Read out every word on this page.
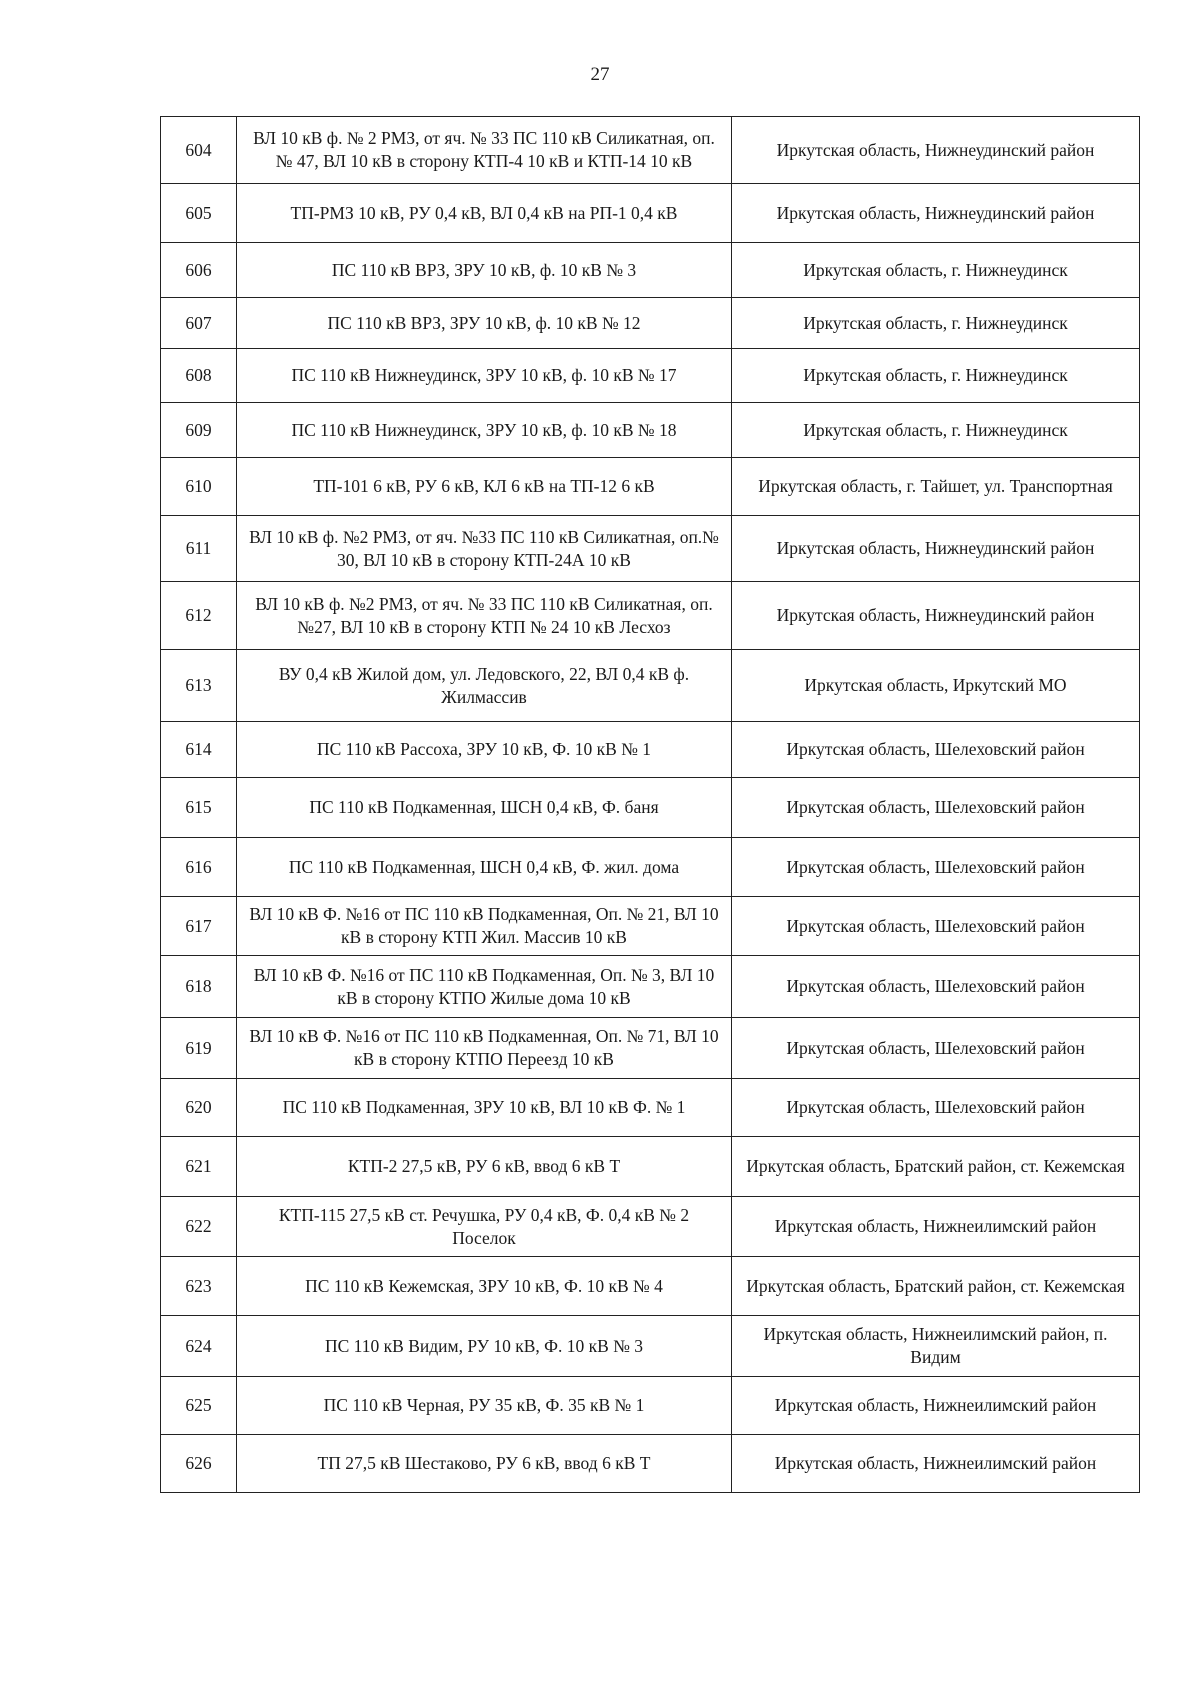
27
604	ВЛ 10 кВ ф. № 2 РМЗ, от яч. № 33 ПС 110 кВ Силикатная, оп. № 47, ВЛ 10 кВ в сторону КТП-4 10 кВ и КТП-14 10 кВ	Иркутская область, Нижнеудинский район
605	ТП-РМЗ 10 кВ, РУ 0,4 кВ, ВЛ 0,4 кВ на РП-1 0,4 кВ	Иркутская область, Нижнеудинский район
606	ПС 110 кВ ВРЗ, ЗРУ 10 кВ, ф. 10 кВ № 3	Иркутская область, г. Нижнеудинск
607	ПС 110 кВ ВРЗ, ЗРУ 10 кВ, ф. 10 кВ № 12	Иркутская область, г. Нижнеудинск
608	ПС 110 кВ Нижнеудинск, ЗРУ 10 кВ, ф. 10 кВ № 17	Иркутская область, г. Нижнеудинск
609	ПС 110 кВ Нижнеудинск, ЗРУ 10 кВ, ф. 10 кВ № 18	Иркутская область, г. Нижнеудинск
610	ТП-101 6 кВ, РУ 6 кВ, КЛ 6 кВ на ТП-12 6 кВ	Иркутская область, г. Тайшет, ул. Транспортная
611	ВЛ 10 кВ ф. №2 РМЗ, от яч. №33 ПС 110 кВ Силикатная, оп.№ 30, ВЛ 10 кВ в сторону КТП-24А 10 кВ	Иркутская область, Нижнеудинский район
612	ВЛ 10 кВ ф. №2 РМЗ, от яч. № 33 ПС 110 кВ Силикатная, оп. №27, ВЛ 10 кВ в сторону КТП № 24 10 кВ Лесхоз	Иркутская область, Нижнеудинский район
613	ВУ 0,4 кВ Жилой дом, ул. Ледовского, 22, ВЛ 0,4 кВ ф. Жилмассив	Иркутская область, Иркутский МО
614	ПС 110 кВ Рассоха, ЗРУ 10 кВ, Ф. 10 кВ № 1	Иркутская область, Шелеховский район
615	ПС 110 кВ Подкаменная, ШСН 0,4 кВ, Ф. баня	Иркутская область, Шелеховский район
616	ПС 110 кВ Подкаменная, ШСН 0,4 кВ, Ф. жил. дома	Иркутская область, Шелеховский район
617	ВЛ 10 кВ Ф. №16 от ПС 110 кВ Подкаменная, Оп. № 21, ВЛ 10 кВ в сторону КТП Жил. Массив 10 кВ	Иркутская область, Шелеховский район
618	ВЛ 10 кВ Ф. №16 от ПС 110 кВ Подкаменная, Оп. № 3, ВЛ 10 кВ в сторону КТПО Жилые дома 10 кВ	Иркутская область, Шелеховский район
619	ВЛ 10 кВ Ф. №16 от ПС 110 кВ Подкаменная, Оп. № 71, ВЛ 10 кВ в сторону КТПО Переезд 10 кВ	Иркутская область, Шелеховский район
620	ПС 110 кВ Подкаменная, ЗРУ 10 кВ, ВЛ 10 кВ Ф. № 1	Иркутская область, Шелеховский район
621	КТП-2 27,5 кВ, РУ 6 кВ, ввод 6 кВ Т	Иркутская область, Братский район, ст. Кежемская
622	КТП-115 27,5 кВ ст. Речушка, РУ 0,4 кВ, Ф. 0,4 кВ № 2 Поселок	Иркутская область, Нижнеилимский район
623	ПС 110 кВ Кежемская, ЗРУ 10 кВ, Ф. 10 кВ № 4	Иркутская область, Братский район, ст. Кежемская
624	ПС 110 кВ Видим, РУ 10 кВ, Ф. 10 кВ № 3	Иркутская область, Нижнеилимский район, п. Видим
625	ПС 110 кВ Черная, РУ 35 кВ, Ф. 35 кВ № 1	Иркутская область, Нижнеилимский район
626	ТП 27,5 кВ Шестаково, РУ 6 кВ, ввод 6 кВ Т	Иркутская область, Нижнеилимский район
